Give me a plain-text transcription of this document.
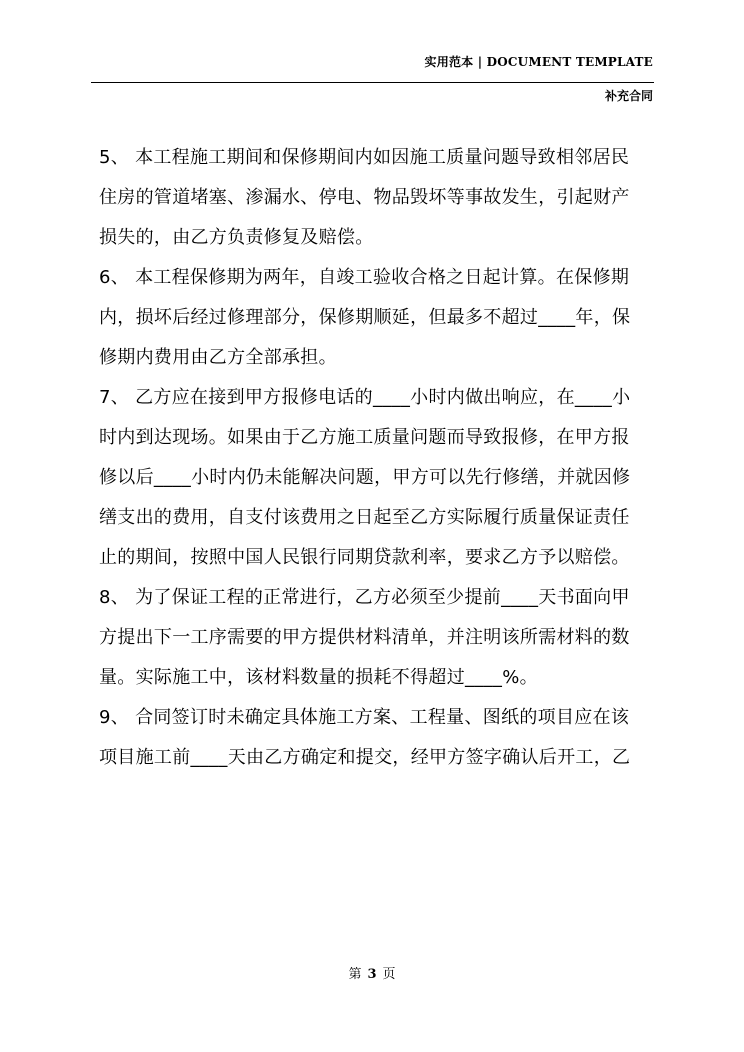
实用范本 | DOCUMENT TEMPLATE
补充合同
5、 本工程施工期间和保修期间内如因施工质量问题导致相邻居民
住房的管道堵塞、渗漏水、停电、物品毁坏等事故发生，引起财产
损失的，由乙方负责修复及赔偿。
6、 本工程保修期为两年，自竣工验收合格之日起计算。在保修期
内，损坏后经过修理部分，保修期顺延，但最多不超过____年，保
修期内费用由乙方全部承担。
7、 乙方应在接到甲方报修电话的____小时内做出响应，在____小
时内到达现场。如果由于乙方施工质量问题而导致报修，在甲方报
修以后____小时内仍未能解决问题，甲方可以先行修缮，并就因修
缮支出的费用，自支付该费用之日起至乙方实际履行质量保证责任
止的期间，按照中国人民银行同期贷款利率，要求乙方予以赔偿。
8、 为了保证工程的正常进行，乙方必须至少提前____天书面向甲
方提出下一工序需要的甲方提供材料清单，并注明该所需材料的数
量。实际施工中，该材料数量的损耗不得超过____%。
9、 合同签订时未确定具体施工方案、工程量、图纸的项目应在该
项目施工前____天由乙方确定和提交，经甲方签字确认后开工，乙
第 3 页
